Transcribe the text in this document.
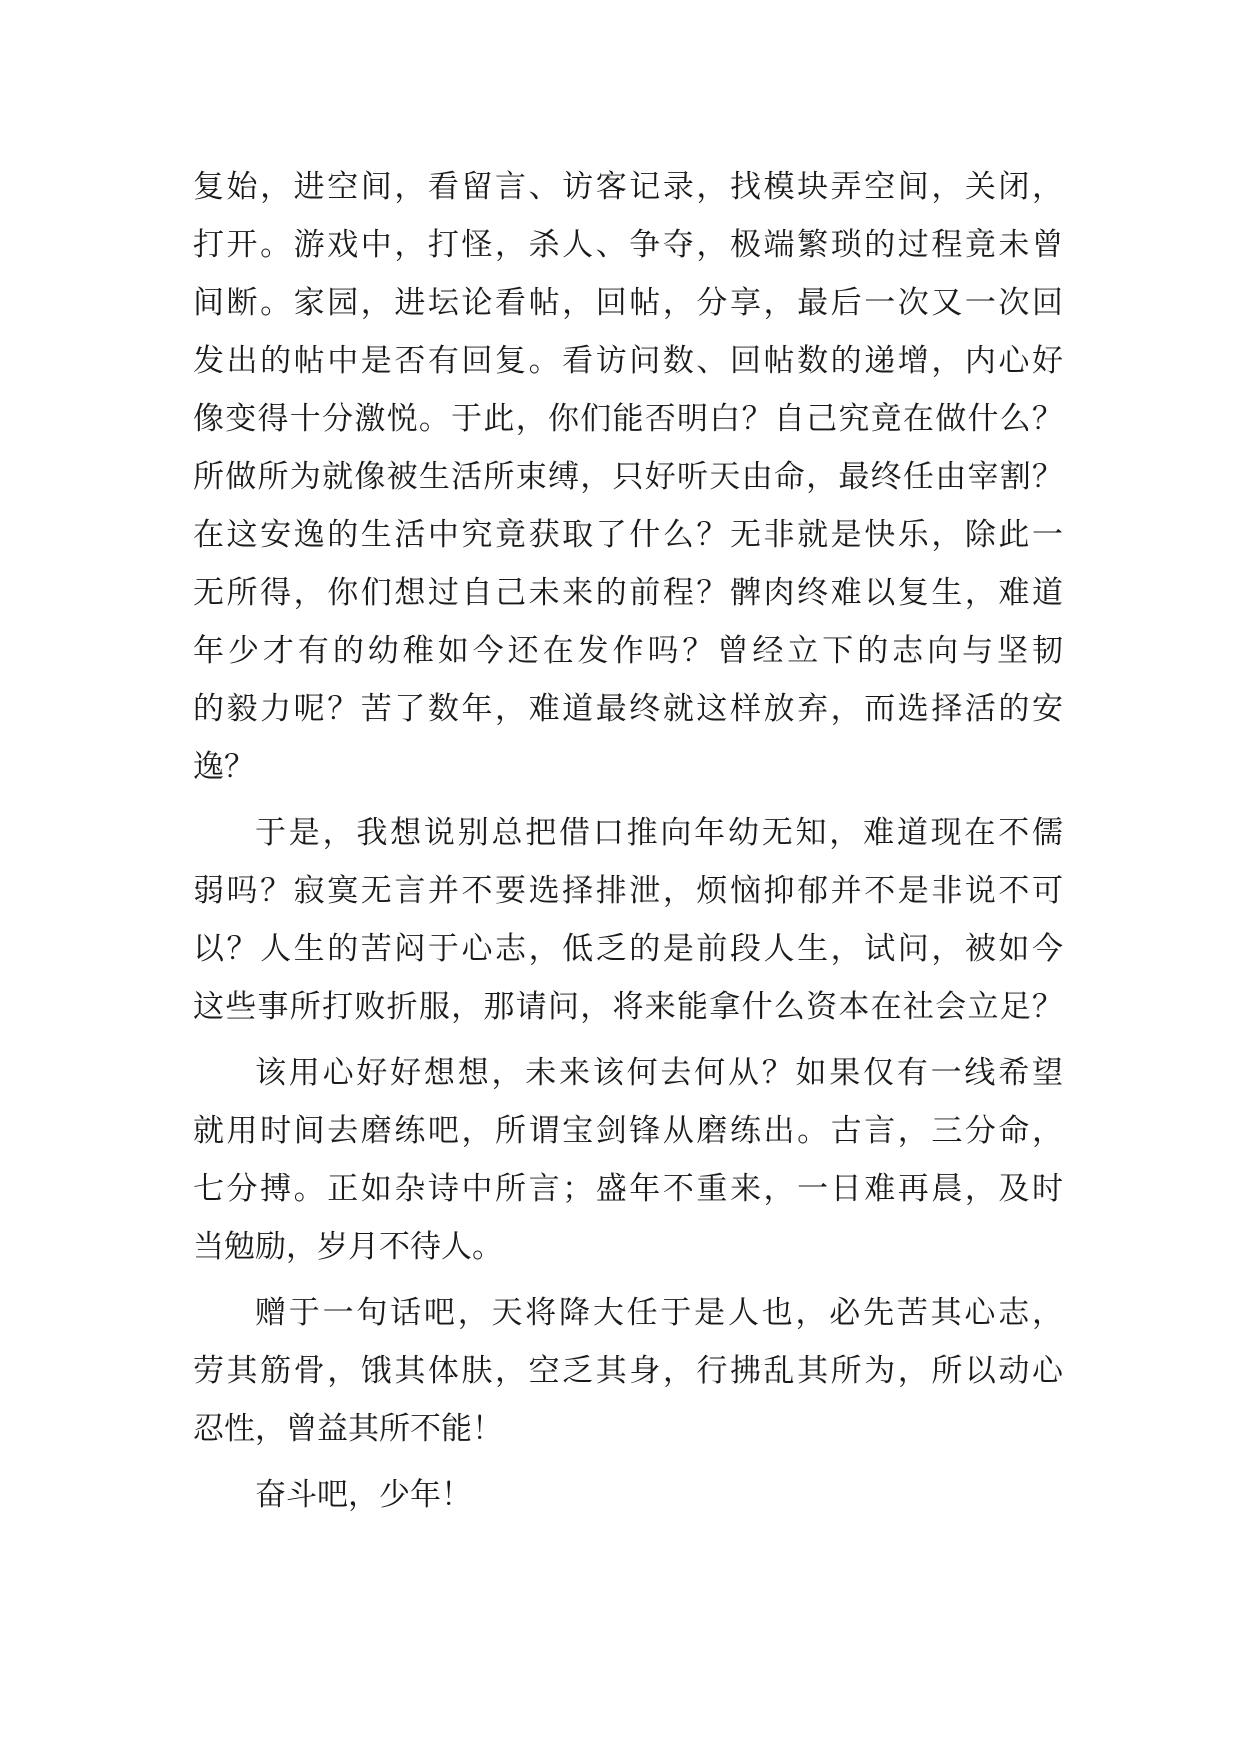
复始，进空间，看留言、访客记录，找模块弄空间，关闭，
打开。游戏中，打怪，杀人、争夺，极端繁琐的过程竟未曾
间断。家园，进坛论看帖，回帖，分享，最后一次又一次回
发出的帖中是否有回复。看访问数、回帖数的递增，内心好
像变得十分激悦。于此，你们能否明白？自己究竟在做什么？
所做所为就像被生活所束缚，只好听天由命，最终任由宰割？
在这安逸的生活中究竟获取了什么？无非就是快乐，除此一
无所得，你们想过自己未来的前程？髀肉终难以复生，难道
年少才有的幼稚如今还在发作吗？曾经立下的志向与坚韧
的毅力呢？苦了数年，难道最终就这样放弃，而选择活的安
逸？
于是，我想说别总把借口推向年幼无知，难道现在不儒
弱吗？寂寞无言并不要选择排泄，烦恼抑郁并不是非说不可
以？人生的苦闷于心志，低乏的是前段人生，试问，被如今
这些事所打败折服，那请问，将来能拿什么资本在社会立足？
该用心好好想想，未来该何去何从？如果仅有一线希望
就用时间去磨练吧，所谓宝剑锋从磨练出。古言，三分命，
七分搏。正如杂诗中所言；盛年不重来，一日难再晨，及时
当勉励，岁月不待人。
赠于一句话吧，天将降大任于是人也，必先苦其心志，
劳其筋骨，饿其体肤，空乏其身，行拂乱其所为，所以动心
忍性，曾益其所不能！
奋斗吧，少年！
